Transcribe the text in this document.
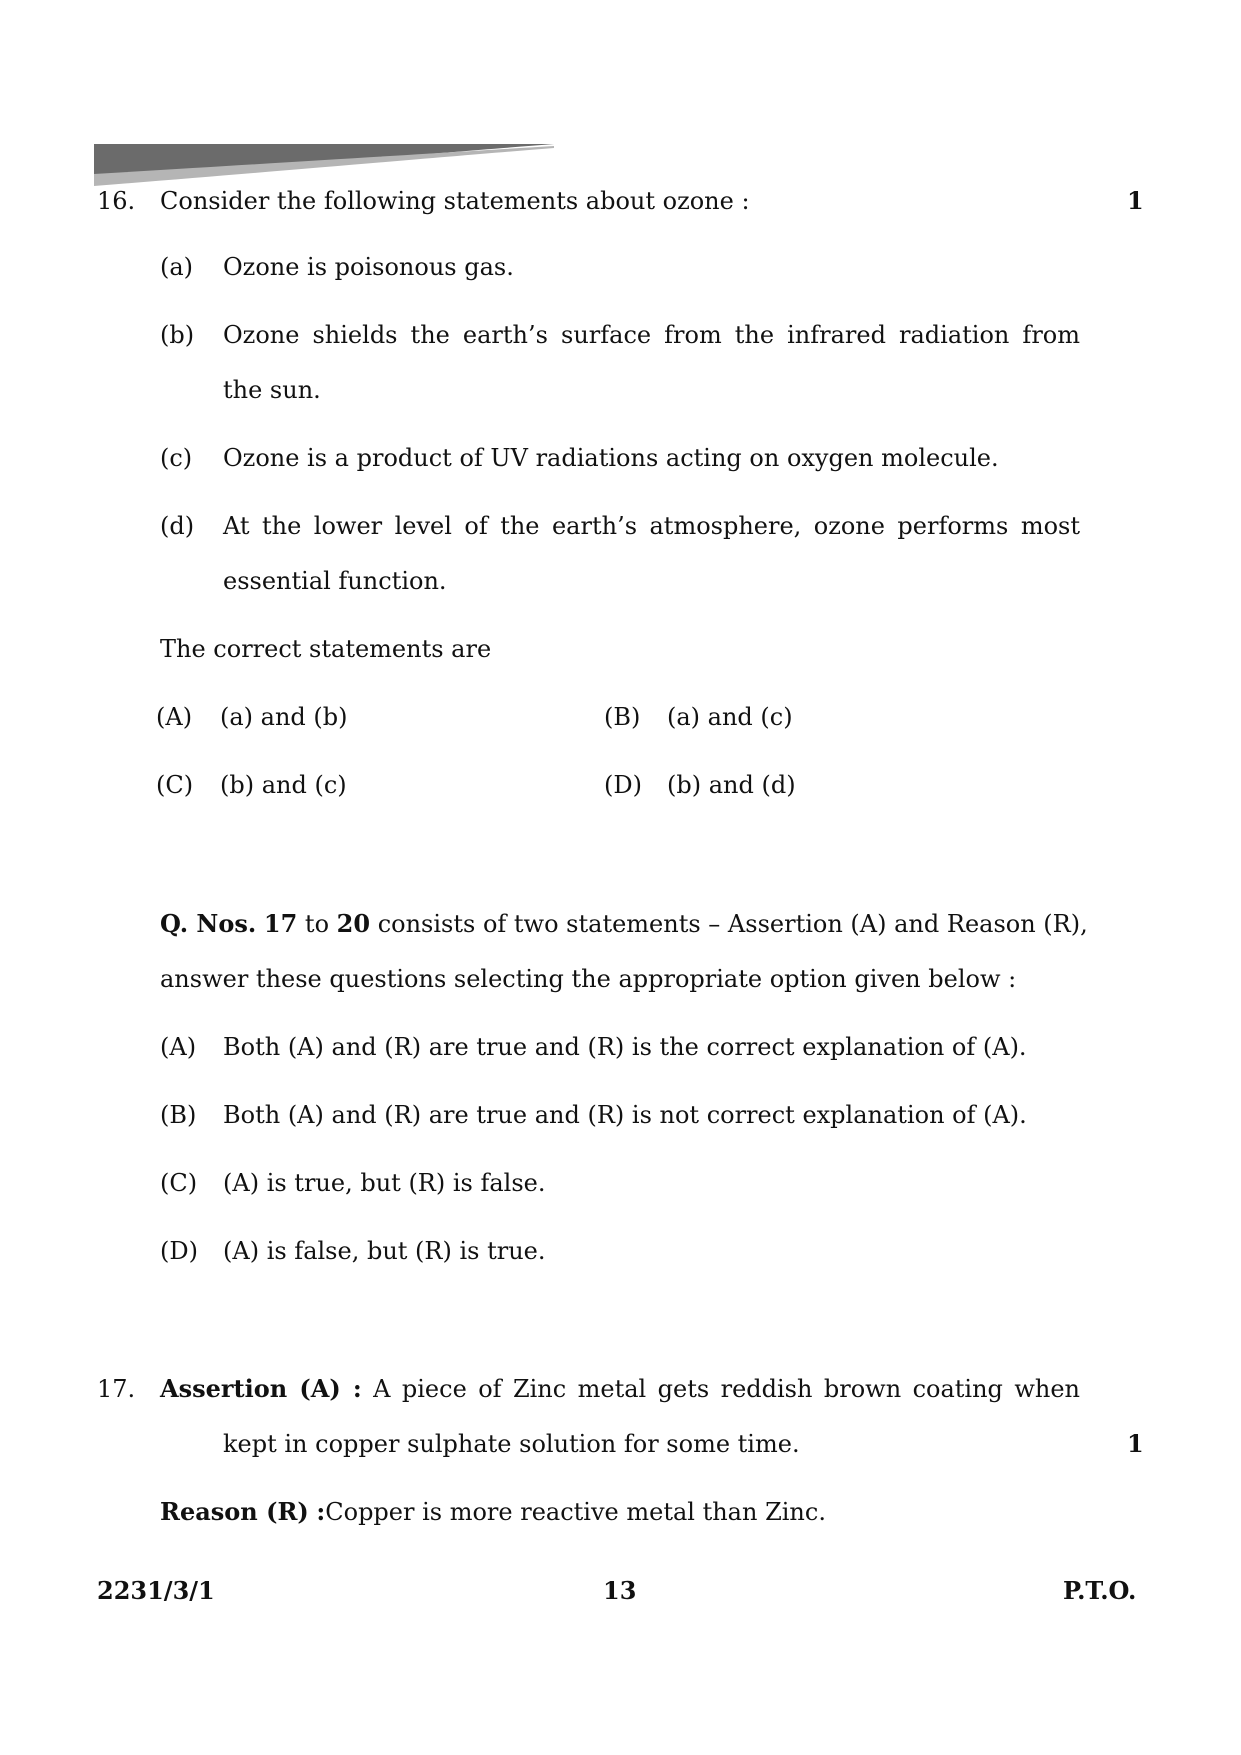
16. Consider the following statements about ozone :	1
(a) Ozone is poisonous gas.
(b) Ozone shields the earth’s surface from the infrared radiation from
the sun.
(c) Ozone is a product of UV radiations acting on oxygen molecule.
(d) At the lower level of the earth’s atmosphere, ozone performs most
essential function.
The correct statements are
(A) (a) and (b)	(B) (a) and (c)
(C) (b) and (c)	(D) (b) and (d)
Q. Nos. 17 to 20 consists of two statements – Assertion (A) and Reason (R),
answer these questions selecting the appropriate option given below :
(A) Both (A) and (R) are true and (R) is the correct explanation of (A).
(B) Both (A) and (R) are true and (R) is not correct explanation of (A).
(C) (A) is true, but (R) is false.
(D) (A) is false, but (R) is true.
17. Assertion (A) : A piece of Zinc metal gets reddish brown coating when
kept in copper sulphate solution for some time.	1
Reason (R) :Copper is more reactive metal than Zinc.
2231/3/1	13	P.T.O.
